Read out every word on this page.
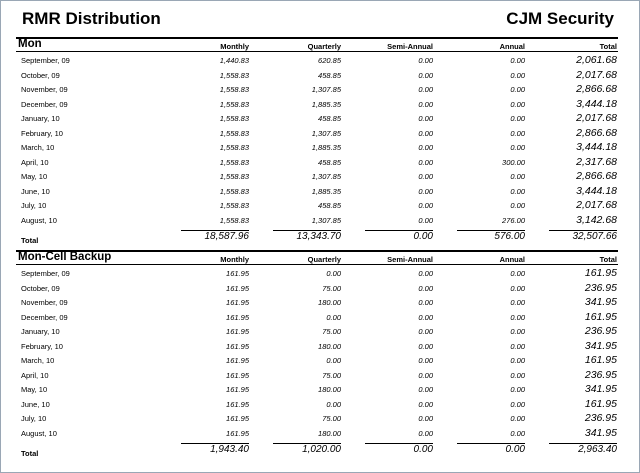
RMR Distribution	CJM Security
Mon	Monthly	Quarterly	Semi-Annual	Annual	Total
September, 09	1,440.83	620.85	0.00	0.00	2,061.68
October, 09	1,558.83	458.85	0.00	0.00	2,017.68
November, 09	1,558.83	1,307.85	0.00	0.00	2,866.68
December, 09	1,558.83	1,885.35	0.00	0.00	3,444.18
January, 10	1,558.83	458.85	0.00	0.00	2,017.68
February, 10	1,558.83	1,307.85	0.00	0.00	2,866.68
March, 10	1,558.83	1,885.35	0.00	0.00	3,444.18
April, 10	1,558.83	458.85	0.00	300.00	2,317.68
May, 10	1,558.83	1,307.85	0.00	0.00	2,866.68
June, 10	1,558.83	1,885.35	0.00	0.00	3,444.18
July, 10	1,558.83	458.85	0.00	0.00	2,017.68
August, 10	1,558.83	1,307.85	0.00	276.00	3,142.68
Total	18,587.96	13,343.70	0.00	576.00	32,507.66
Mon-Cell Backup	Monthly	Quarterly	Semi-Annual	Annual	Total
September, 09	161.95	0.00	0.00	0.00	161.95
October, 09	161.95	75.00	0.00	0.00	236.95
November, 09	161.95	180.00	0.00	0.00	341.95
December, 09	161.95	0.00	0.00	0.00	161.95
January, 10	161.95	75.00	0.00	0.00	236.95
February, 10	161.95	180.00	0.00	0.00	341.95
March, 10	161.95	0.00	0.00	0.00	161.95
April, 10	161.95	75.00	0.00	0.00	236.95
May, 10	161.95	180.00	0.00	0.00	341.95
June, 10	161.95	0.00	0.00	0.00	161.95
July, 10	161.95	75.00	0.00	0.00	236.95
August, 10	161.95	180.00	0.00	0.00	341.95
Total	1,943.40	1,020.00	0.00	0.00	2,963.40
